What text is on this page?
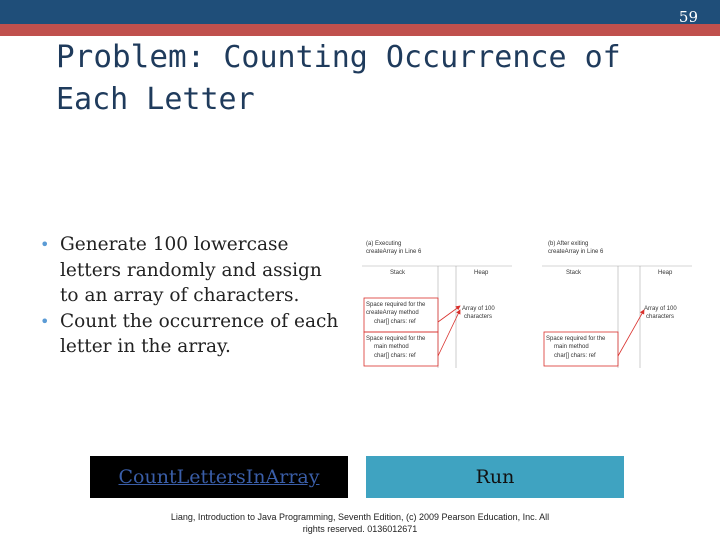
59
Problem: Counting Occurrence of Each Letter

• Generate 100 lowercase letters randomly and assign to an array of characters.

• Count the occurrence of each letter in the array.

(a) Executing
createArray in Line 6
Stack	Heap
Space required for the
createArray method
char[] chars: ref
Space required for the
main method
char[] chars: ref
Array of 100
characters
(b) After exiting
createArray in Line 6
Stack	Heap
Space required for the
main method
char[] chars: ref
Array of 100
characters
CountLettersInArray	Run
Liang, Introduction to Java Programming, Seventh Edition, (c) 2009 Pearson Education, Inc. All
rights reserved. 0136012671
